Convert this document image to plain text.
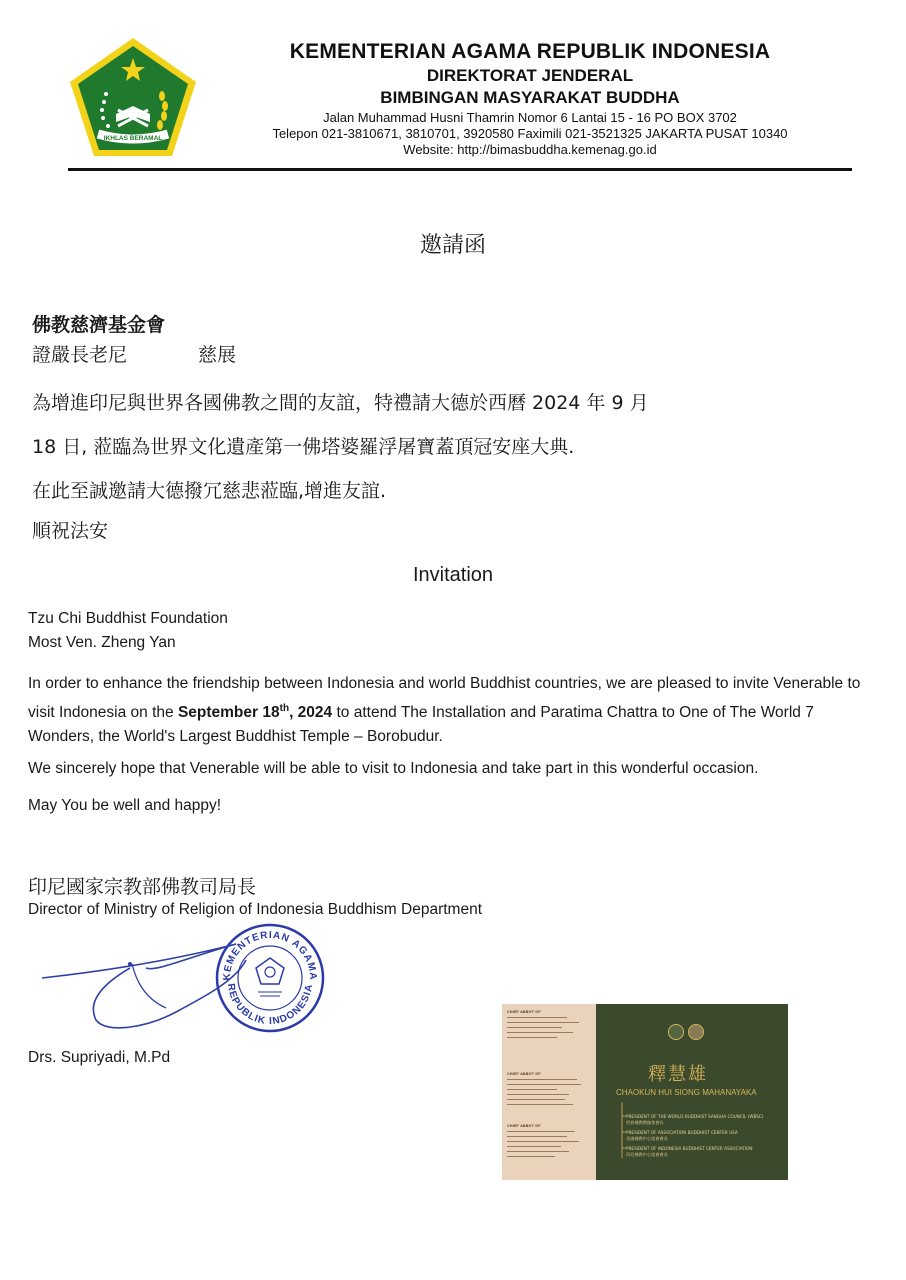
IKHLAS BERAMAL
KEMENTERIAN AGAMA REPUBLIK INDONESIA
DIREKTORAT JENDERAL
BIMBINGAN MASYARAKAT BUDDHA
Jalan Muhammad Husni Thamrin Nomor 6 Lantai 15 - 16 PO BOX 3702
Telepon 021-3810671, 3810701, 3920580 Faximili 021-3521325 JAKARTA PUSAT 10340
Website: http://bimasbuddha.kemenag.go.id
邀請函
佛教慈濟基金會
證嚴長老尼	慈展
為增進印尼與世界各國佛教之間的友誼，特禮請大德於西曆 2024 年 9 月
18 日, 蒞臨為世界文化遺產第一佛塔婆羅浮屠寶蓋頂冠安座大典.
在此至誠邀請大德撥冗慈悲蒞臨,增進友誼.
順祝法安
Invitation
Tzu Chi Buddhist Foundation
Most Ven. Zheng Yan
In order to enhance the friendship between Indonesia and world Buddhist countries, we are pleased to invite Venerable to visit Indonesia on the September 18th, 2024 to attend The Installation and Paratima Chattra to One of The World 7 Wonders, the World's Largest Buddhist Temple – Borobudur.
We sincerely hope that Venerable will be able to visit to Indonesia and take part in this wonderful occasion.
May You be well and happy!
印尼國家宗教部佛教司局長
Director of Ministry of Religion of Indonesia Buddhism Department
KEMENTERIAN AGAMA
REPUBLIK INDONESIA
Drs. Supriyadi, M.Pd
CHIEF ABBOT OF
CHIEF ABBOT OF
CHIEF ABBOT OF
釋慧雄
CHAOKUN HUI SIONG MAHANAYAKA
PRESIDENT OF THE WORLD BUDDHIST SANGHA COUNCIL (WBSC)
世界佛教僧伽會會長
PRESIDENT OF ASSOCIATION BUDDHIST CENTER USA
美國佛教中心協會會長
PRESIDENT OF INDONESIA BUDDHIST CENTER ASSOCIATION
印尼佛教中心協會會長
